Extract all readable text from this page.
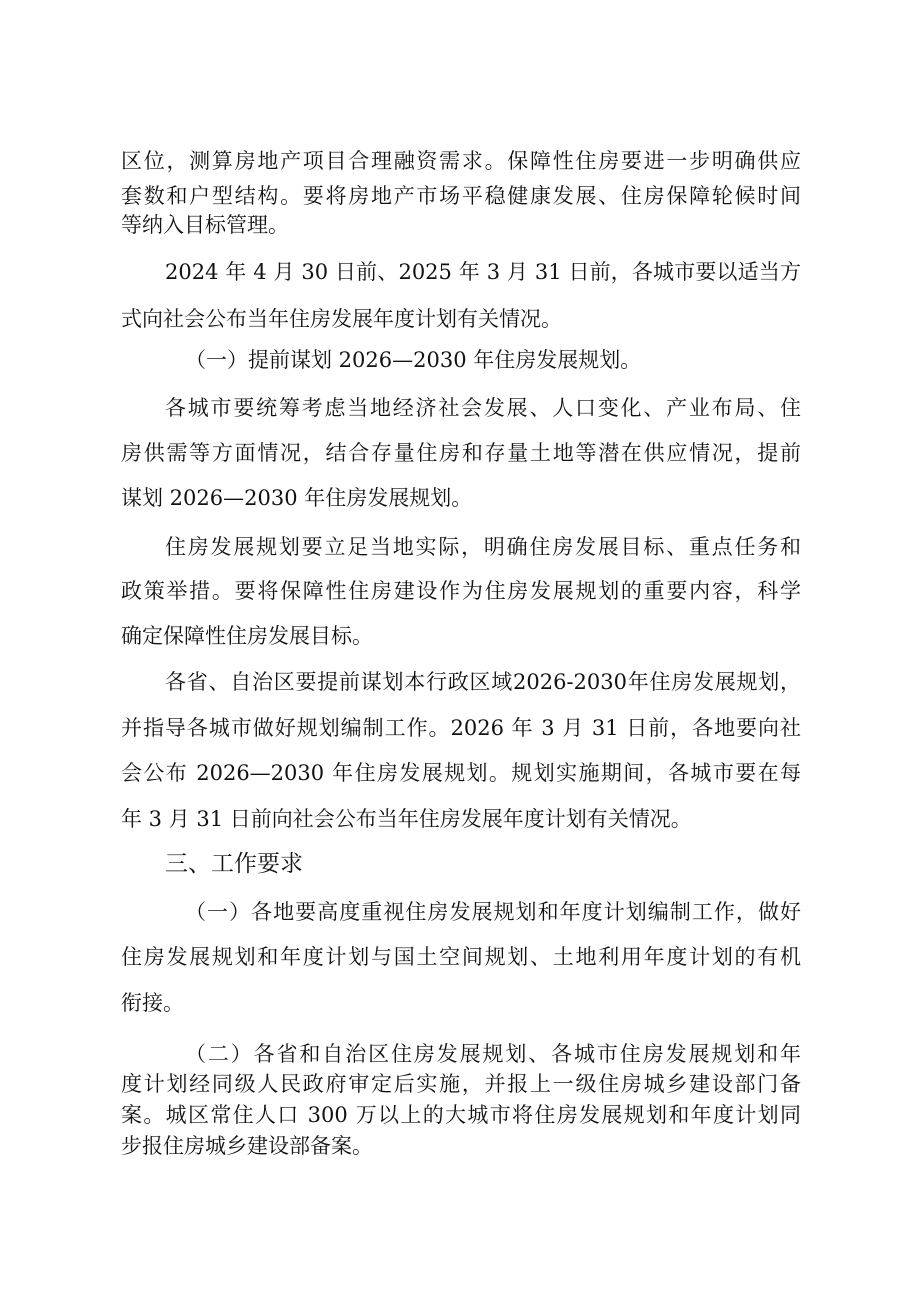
区位，测算房地产项目合理融资需求。保障性住房要进一步明确供应
套数和户型结构。要将房地产市场平稳健康发展、住房保障轮候时间
等纳入目标管理。
2024 年 4 月 30 日前、2025 年 3 月 31 日前，各城市要以适当方
式向社会公布当年住房发展年度计划有关情况。
（一）提前谋划 2026—2030 年住房发展规划。
各城市要统筹考虑当地经济社会发展、人口变化、产业布局、住
房供需等方面情况，结合存量住房和存量土地等潜在供应情况，提前
谋划 2026—2030 年住房发展规划。
住房发展规划要立足当地实际，明确住房发展目标、重点任务和
政策举措。要将保障性住房建设作为住房发展规划的重要内容，科学
确定保障性住房发展目标。
各省、自治区要提前谋划本行政区域2026-2030年住房发展规划，
并指导各城市做好规划编制工作。2026 年 3 月 31 日前，各地要向社
会公布 2026—2030 年住房发展规划。规划实施期间，各城市要在每
年 3 月 31 日前向社会公布当年住房发展年度计划有关情况。
三、工作要求
（一）各地要高度重视住房发展规划和年度计划编制工作，做好
住房发展规划和年度计划与国土空间规划、土地利用年度计划的有机
衔接。
（二）各省和自治区住房发展规划、各城市住房发展规划和年
度计划经同级人民政府审定后实施，并报上一级住房城乡建设部门备
案。城区常住人口 300 万以上的大城市将住房发展规划和年度计划同
步报住房城乡建设部备案。
